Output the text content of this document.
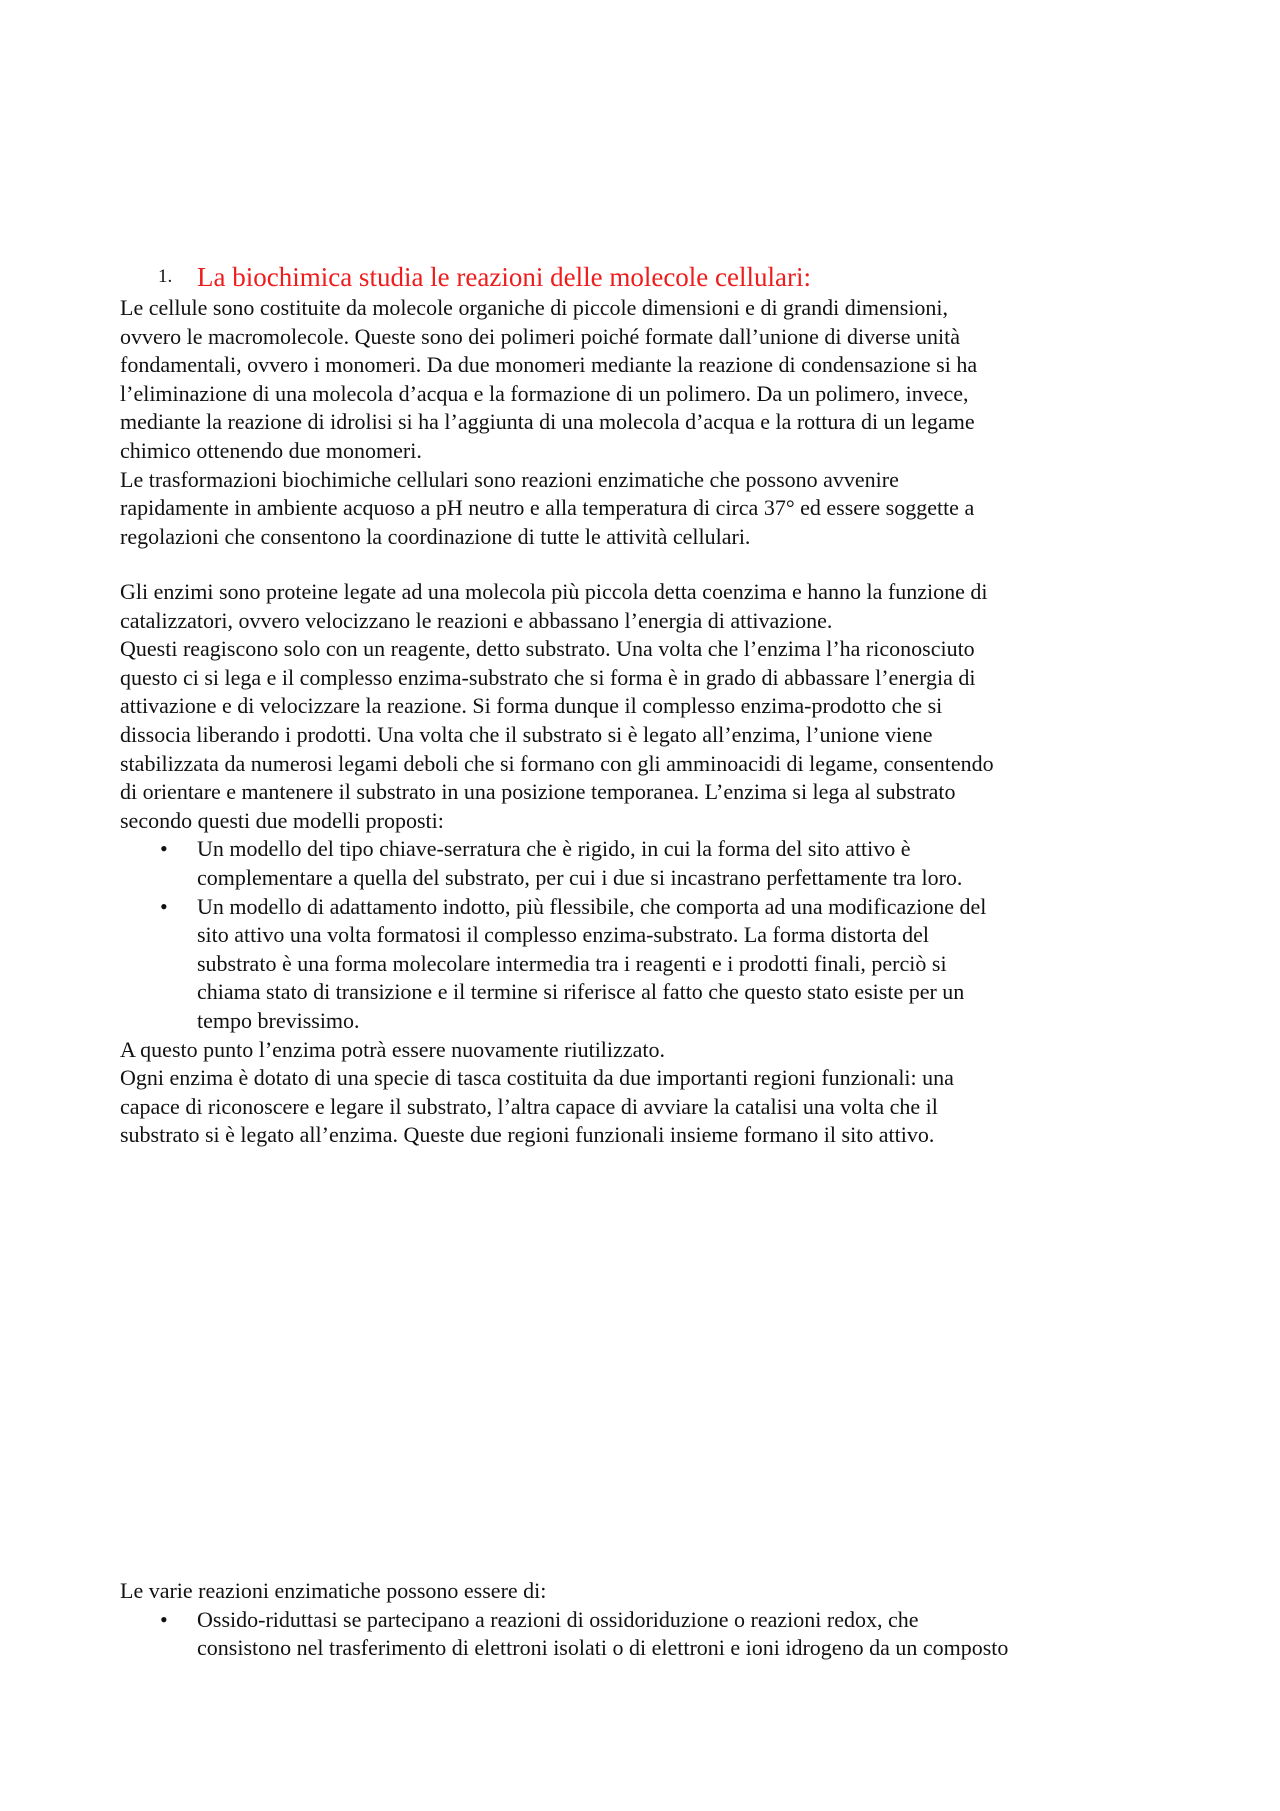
1. La biochimica studia le reazioni delle molecole cellulari:
Le cellule sono costituite da molecole organiche di piccole dimensioni e di grandi dimensioni,
ovvero le macromolecole. Queste sono dei polimeri poiché formate dall’unione di diverse unità
fondamentali, ovvero i monomeri. Da due monomeri mediante la reazione di condensazione si ha
l’eliminazione di una molecola d’acqua e la formazione di un polimero. Da un polimero, invece,
mediante la reazione di idrolisi si ha l’aggiunta di una molecola d’acqua e la rottura di un legame
chimico ottenendo due monomeri.
Le trasformazioni biochimiche cellulari sono reazioni enzimatiche che possono avvenire
rapidamente in ambiente acquoso a pH neutro e alla temperatura di circa 37° ed essere soggette a
regolazioni che consentono la coordinazione di tutte le attività cellulari.
Gli enzimi sono proteine legate ad una molecola più piccola detta coenzima e hanno la funzione di
catalizzatori, ovvero velocizzano le reazioni e abbassano l’energia di attivazione.
Questi reagiscono solo con un reagente, detto substrato. Una volta che l’enzima l’ha riconosciuto
questo ci si lega e il complesso enzima-substrato che si forma è in grado di abbassare l’energia di
attivazione e di velocizzare la reazione. Si forma dunque il complesso enzima-prodotto che si
dissocia liberando i prodotti. Una volta che il substrato si è legato all’enzima, l’unione viene
stabilizzata da numerosi legami deboli che si formano con gli amminoacidi di legame, consentendo
di orientare e mantenere il substrato in una posizione temporanea. L’enzima si lega al substrato
secondo questi due modelli proposti:
• Un modello del tipo chiave-serratura che è rigido, in cui la forma del sito attivo è
complementare a quella del substrato, per cui i due si incastrano perfettamente tra loro.
• Un modello di adattamento indotto, più flessibile, che comporta ad una modificazione del
sito attivo una volta formatosi il complesso enzima-substrato. La forma distorta del
substrato è una forma molecolare intermedia tra i reagenti e i prodotti finali, perciò si
chiama stato di transizione e il termine si riferisce al fatto che questo stato esiste per un
tempo brevissimo.
A questo punto l’enzima potrà essere nuovamente riutilizzato.
Ogni enzima è dotato di una specie di tasca costituita da due importanti regioni funzionali: una
capace di riconoscere e legare il substrato, l’altra capace di avviare la catalisi una volta che il
substrato si è legato all’enzima. Queste due regioni funzionali insieme formano il sito attivo.
Le varie reazioni enzimatiche possono essere di:
• Ossido-riduttasi se partecipano a reazioni di ossidoriduzione o reazioni redox, che
consistono nel trasferimento di elettroni isolati o di elettroni e ioni idrogeno da un composto
